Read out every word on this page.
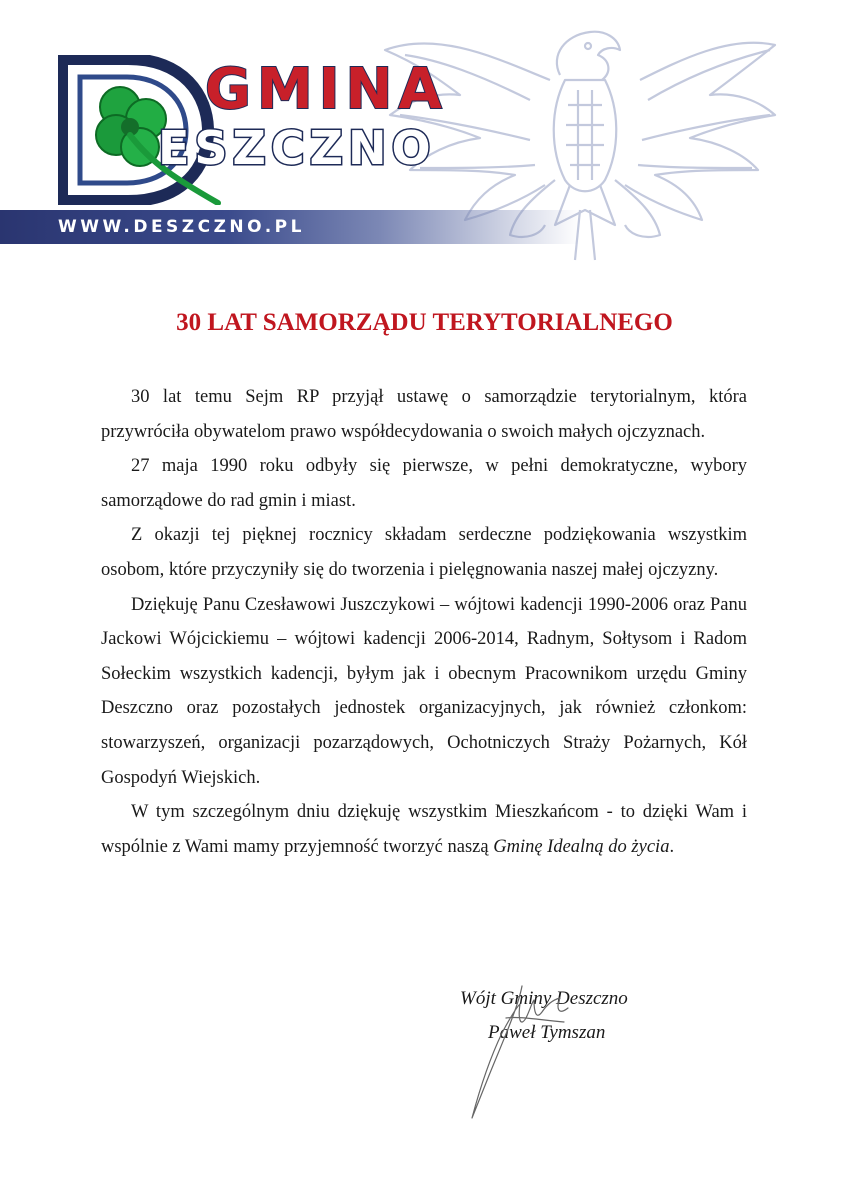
GMINA
ESZCZNO
WWW.DESZCZNO.PL
30 LAT SAMORZĄDU TERYTORIALNEGO

30 lat temu Sejm RP przyjął ustawę o samorządzie terytorialnym, która przywróciła obywatelom prawo współdecydowania o swoich małych ojczyznach.

27 maja 1990 roku odbyły się pierwsze, w pełni demokratyczne, wybory samorządowe do rad gmin i miast.

Z okazji tej pięknej rocznicy składam serdeczne podziękowania wszystkim osobom, które przyczyniły się do tworzenia i pielęgnowania naszej małej ojczyzny.

Dziękuję Panu Czesławowi Juszczykowi – wójtowi kadencji 1990-2006 oraz Panu Jackowi Wójcickiemu – wójtowi kadencji 2006-2014, Radnym, Sołtysom i Radom Sołeckim wszystkich kadencji, byłym jak i obecnym Pracownikom urzędu Gminy Deszczno oraz pozostałych jednostek organizacyjnych, jak również członkom: stowarzyszeń, organizacji pozarządowych, Ochotniczych Straży Pożarnych, Kół Gospodyń Wiejskich.

W tym szczególnym dniu dziękuję wszystkim Mieszkańcom - to dzięki Wam i wspólnie z Wami mamy przyjemność tworzyć naszą Gminę Idealną do życia.

Wójt Gminy Deszczno
Paweł Tymszan
